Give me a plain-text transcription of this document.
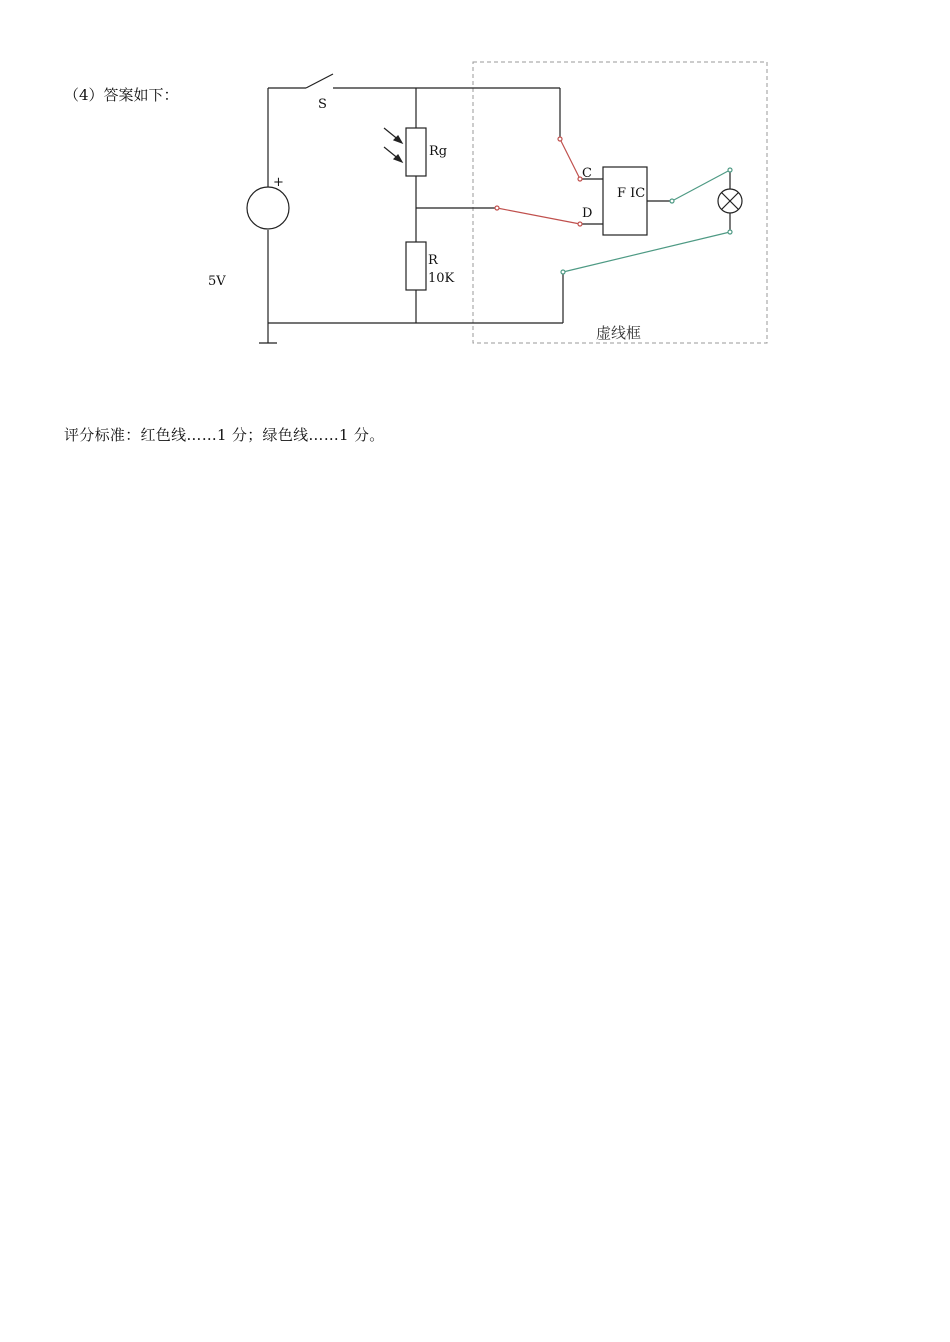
（4）答案如下：
+
5V
S
Rg
R
10K
C
D
F IC
虚线框
评分标准：红色线……1 分；绿色线……1 分。
